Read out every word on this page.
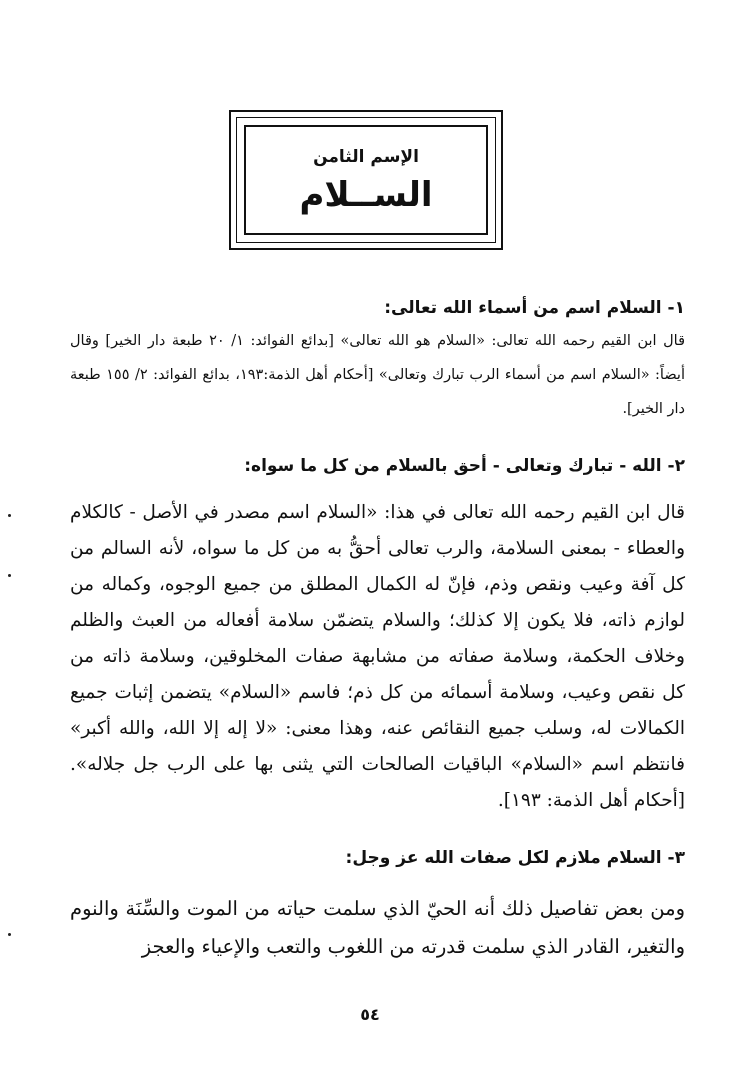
الإسم الثامن
الســلام
١- السلام اسم من أسماء الله تعالى:
قال ابن القيم رحمه الله تعالى: «السلام هو الله تعالى» [بدائع الفوائد: ١/ ٢٠ طبعة دار الخير] وقال أيضاً: «السلام اسم من أسماء الرب تبارك وتعالى» [أحكام أهل الذمة:١٩٣، بدائع الفوائد: ٢/ ١٥٥ طبعة دار الخير].
٢- الله - تبارك وتعالى - أحق بالسلام من كل ما سواه:
قال ابن القيم رحمه الله تعالى في هذا: «السلام اسم مصدر في الأصل - كالكلام والعطاء - بمعنى السلامة، والرب تعالى أحقُّ به من كل ما سواه، لأنه السالم من كل آفة وعيب ونقص وذم، فإنّ له الكمال المطلق من جميع الوجوه، وكماله من لوازم ذاته، فلا يكون إلا كذلك؛ والسلام يتضمّن سلامة أفعاله من العبث والظلم وخلاف الحكمة، وسلامة صفاته من مشابهة صفات المخلوقين، وسلامة ذاته من كل نقص وعيب، وسلامة أسمائه من كل ذم؛ فاسم «السلام» يتضمن إثبات جميع الكمالات له، وسلب جميع النقائص عنه، وهذا معنى: «لا إله إلا الله، والله أكبر» فانتظم اسم «السلام» الباقيات الصالحات التي يثنى بها على الرب جل جلاله». [أحكام أهل الذمة: ١٩٣].
٣- السلام ملازم لكل صفات الله عز وجل:
ومن بعض تفاصيل ذلك أنه الحيّ الذي سلمت حياته من الموت والسِّنَة والنوم والتغير، القادر الذي سلمت قدرته من اللغوب والتعب والإعياء والعجز
٥٤
